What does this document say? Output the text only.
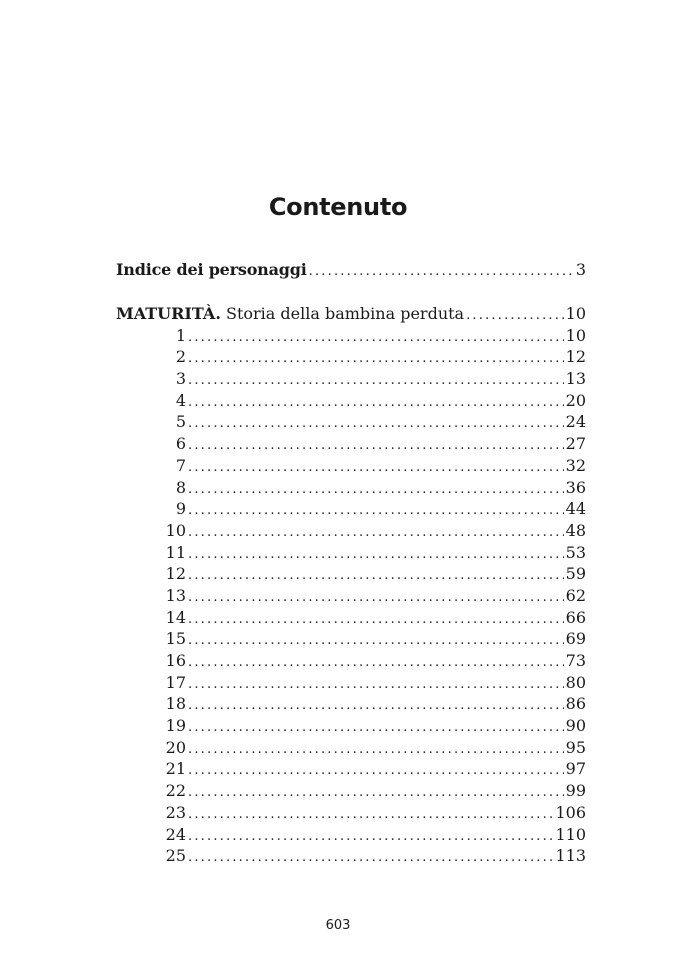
Contenuto
Indice dei personaggi .....	3
MATURITÀ. Storia della bambina perduta .....	10
1 .....	10
2 .....	12
3 .....	13
4 .....	20
5 .....	24
6 .....	27
7 .....	32
8 .....	36
9 .....	44
10 .....	48
11 .....	53
12 .....	59
13 .....	62
14 .....	66
15 .....	69
16 .....	73
17 .....	80
18 .....	86
19 .....	90
20 .....	95
21 .....	97
22 .....	99
23 .....	106
24 .....	110
25 .....	113
603
